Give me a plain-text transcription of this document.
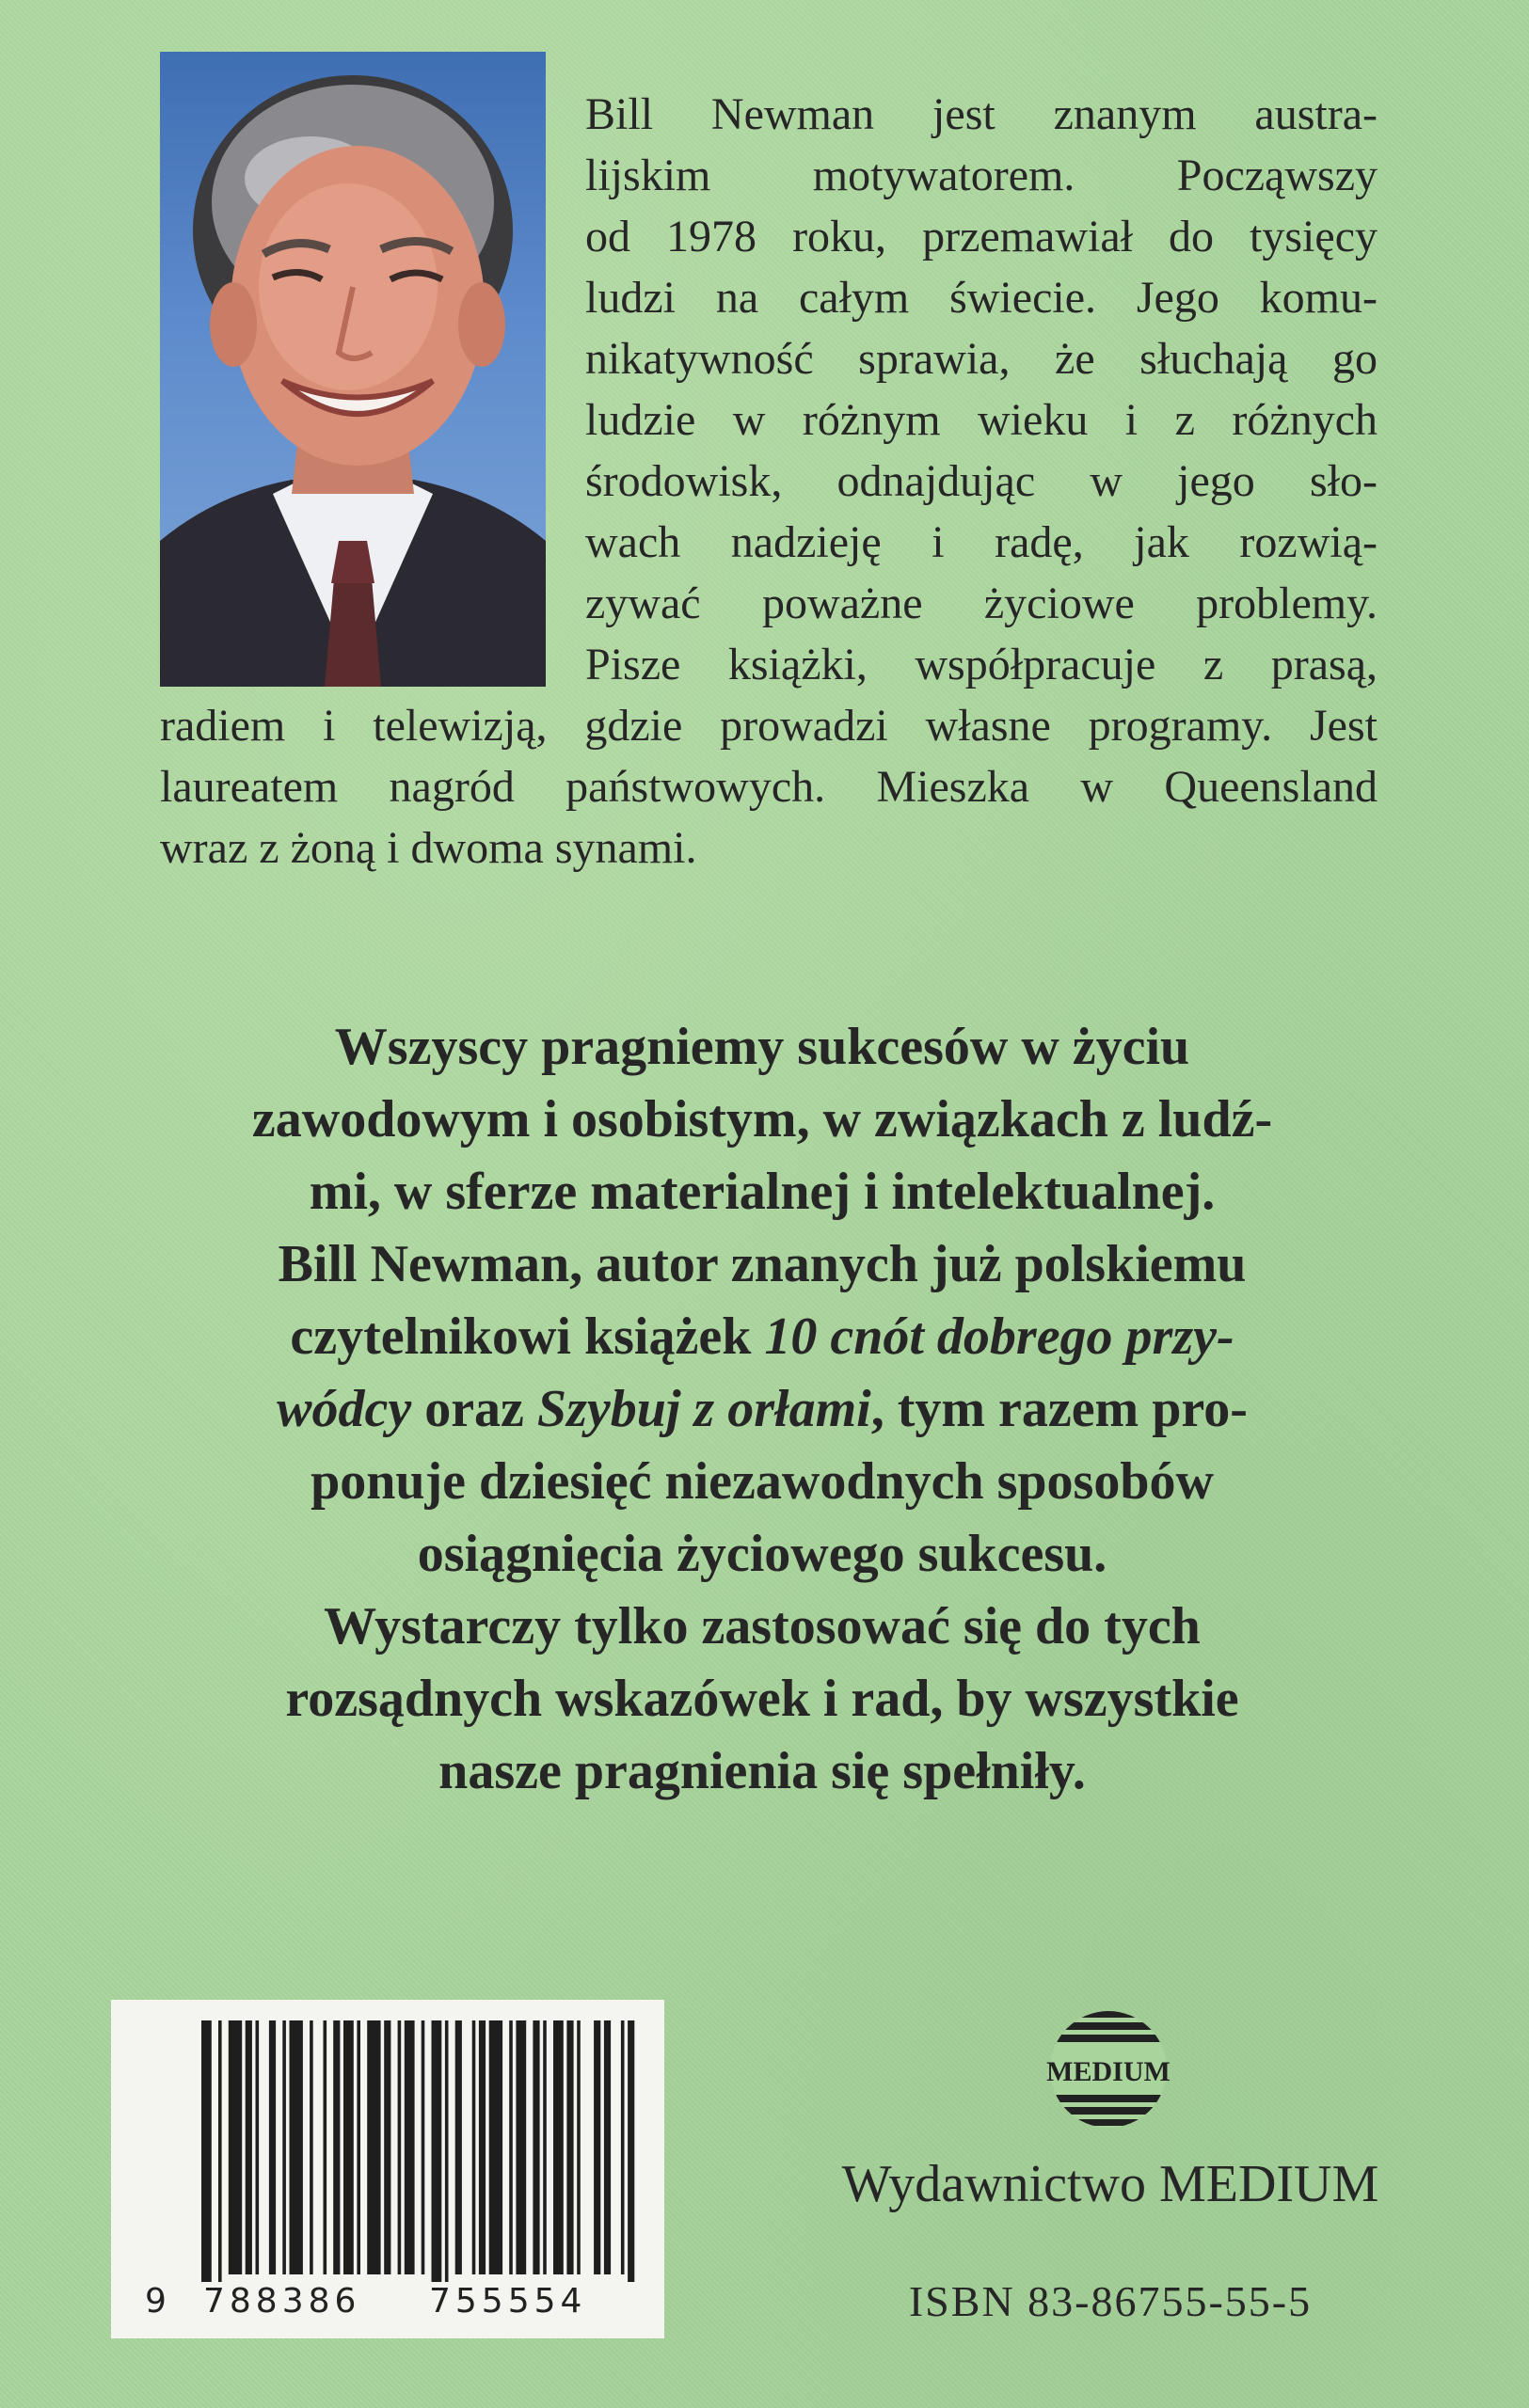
Bill Newman jest znanym austra-
lijskim motywatorem. Począwszy
od 1978 roku, przemawiał do tysięcy
ludzi na całym świecie. Jego komu-
nikatywność sprawia, że słuchają go
ludzie w różnym wieku i z różnych
środowisk, odnajdując w jego sło-
wach nadzieję i radę, jak rozwią-
zywać poważne życiowe problemy.
Pisze książki, współpracuje z prasą,
radiem i telewizją, gdzie prowadzi własne programy. Jest
laureatem nagród państwowych. Mieszka w Queensland
wraz z żoną i dwoma synami.
Wszyscy pragniemy sukcesów w życiu
zawodowym i osobistym, w związkach z ludź-
mi, w sferze materialnej i intelektualnej.
Bill Newman, autor znanych już polskiemu
czytelnikowi książek 10 cnót dobrego przy-
wódcy oraz Szybuj z orłami, tym razem pro-
ponuje dziesięć niezawodnych sposobów
osiągnięcia życiowego sukcesu.
Wystarczy tylko zastosować się do tych
rozsądnych wskazówek i rad, by wszystkie
nasze pragnienia się spełniły.
9 788386 755554
MEDIUM
Wydawnictwo MEDIUM
ISBN 83-86755-55-5
